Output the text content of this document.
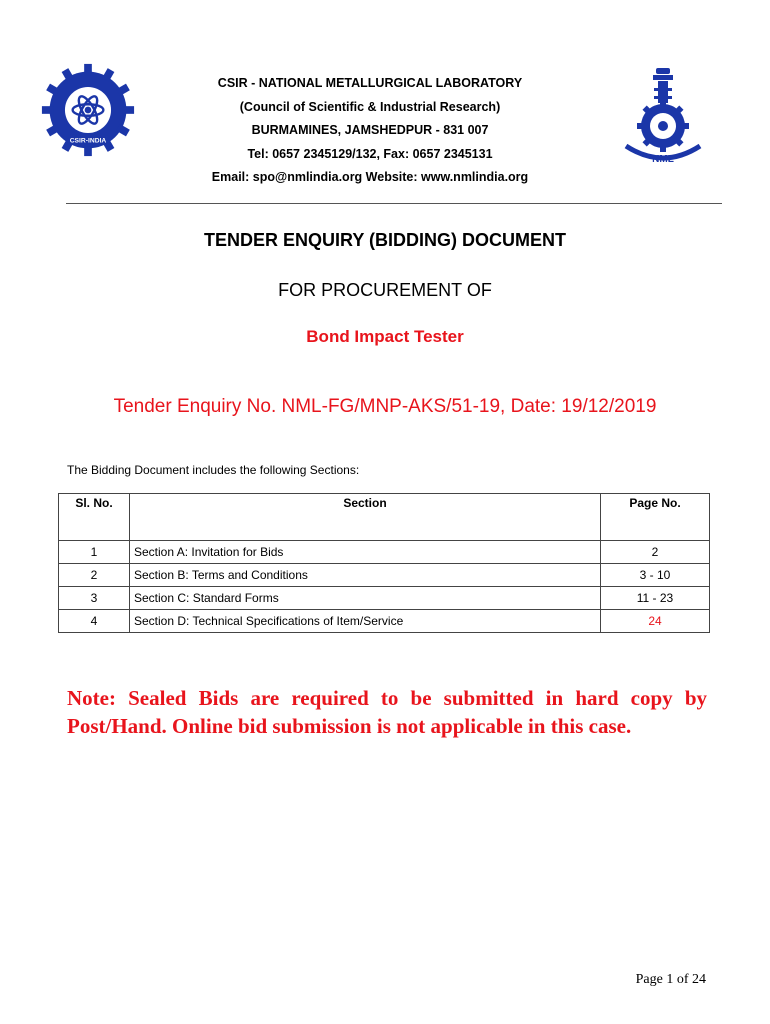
CSIR-INDIA
CSIR - NATIONAL METALLURGICAL LABORATORY
(Council of Scientific & Industrial Research)
BURMAMINES, JAMSHEDPUR - 831 007
Tel: 0657 2345129/132, Fax: 0657 2345131
Email: spo@nmlindia.org Website: www.nmlindia.org
NML
TENDER ENQUIRY (BIDDING) DOCUMENT
FOR PROCUREMENT OF
Bond Impact Tester
Tender Enquiry No. NML-FG/MNP-AKS/51-19, Date: 19/12/2019
The Bidding Document includes the following Sections:
Sl. No.	Section	Page No.
1	Section A: Invitation for Bids	2
2	Section B: Terms and Conditions	3 - 10
3	Section C: Standard Forms	11 - 23
4	Section D: Technical Specifications of Item/Service	24
Note: Sealed Bids are required to be submitted in hard copy by Post/Hand. Online bid submission is not applicable in this case.
Page 1 of 24
